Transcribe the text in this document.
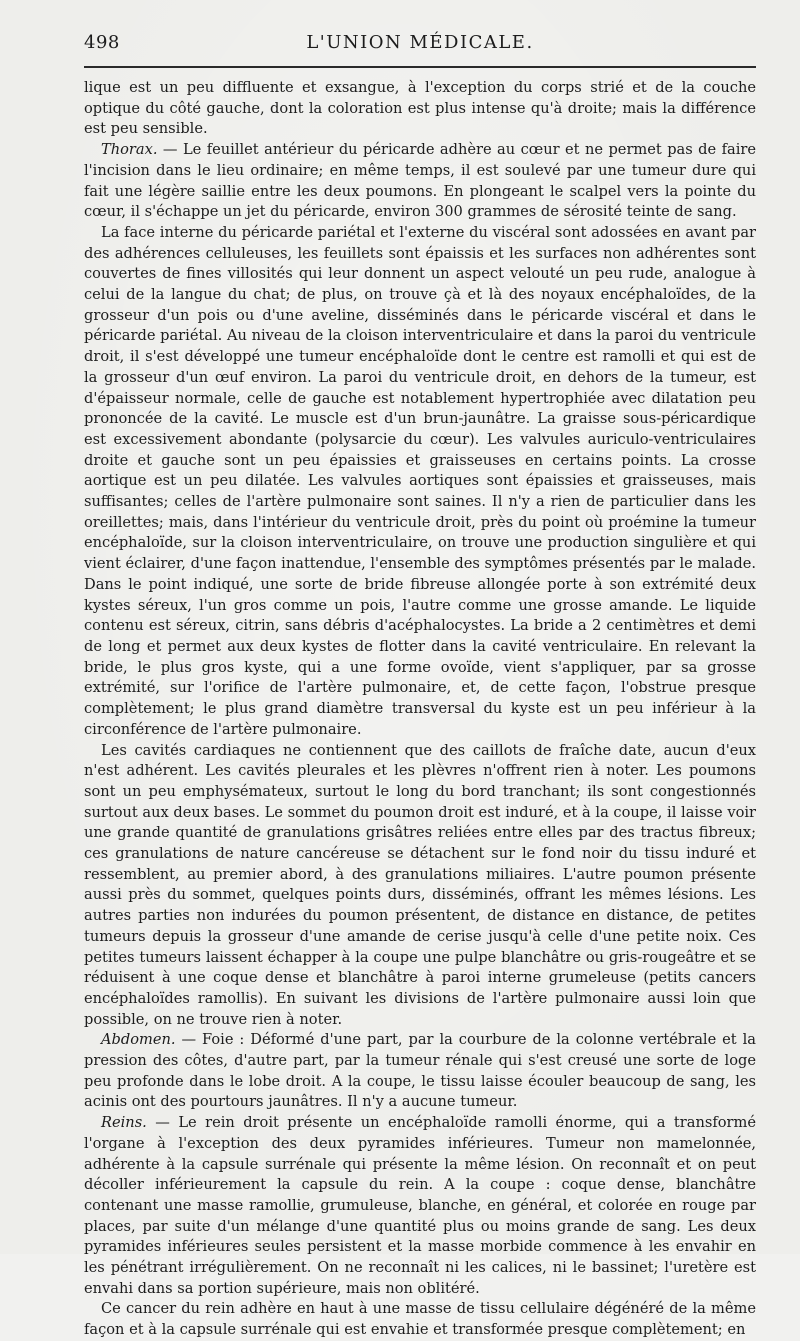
498	L'UNION MÉDICALE.

lique est un peu diffluente et exsangue, à l'exception du corps strié et de la couche optique du côté gauche, dont la coloration est plus intense qu'à droite; mais la différence est peu sensible.

Thorax. — Le feuillet antérieur du péricarde adhère au cœur et ne permet pas de faire l'incision dans le lieu ordinaire; en même temps, il est soulevé par une tumeur dure qui fait une légère saillie entre les deux poumons. En plongeant le scalpel vers la pointe du cœur, il s'échappe un jet du péricarde, environ 300 grammes de sérosité teinte de sang.

La face interne du péricarde pariétal et l'externe du viscéral sont adossées en avant par des adhérences celluleuses, les feuillets sont épaissis et les surfaces non adhérentes sont couvertes de fines villosités qui leur donnent un aspect velouté un peu rude, analogue à celui de la langue du chat; de plus, on trouve çà et là des noyaux encéphaloïdes, de la grosseur d'un pois ou d'une aveline, disséminés dans le péricarde viscéral et dans le péricarde pariétal. Au niveau de la cloison interventriculaire et dans la paroi du ventricule droit, il s'est développé une tumeur encéphaloïde dont le centre est ramolli et qui est de la grosseur d'un œuf environ. La paroi du ventricule droit, en dehors de la tumeur, est d'épaisseur normale, celle de gauche est notablement hypertrophiée avec dilatation peu prononcée de la cavité. Le muscle est d'un brun-jaunâtre. La graisse sous-péricardique est excessivement abondante (polysarcie du cœur). Les valvules auriculo-ventriculaires droite et gauche sont un peu épaissies et graisseuses en certains points. La crosse aortique est un peu dilatée. Les valvules aortiques sont épaissies et graisseuses, mais suffisantes; celles de l'artère pulmonaire sont saines. Il n'y a rien de particulier dans les oreillettes; mais, dans l'intérieur du ventricule droit, près du point où proémine la tumeur encéphaloïde, sur la cloison interventriculaire, on trouve une production singulière et qui vient éclairer, d'une façon inattendue, l'ensemble des symptômes présentés par le malade. Dans le point indiqué, une sorte de bride fibreuse allongée porte à son extrémité deux kystes séreux, l'un gros comme un pois, l'autre comme une grosse amande. Le liquide contenu est séreux, citrin, sans débris d'acéphalocystes. La bride a 2 centimètres et demi de long et permet aux deux kystes de flotter dans la cavité ventriculaire. En relevant la bride, le plus gros kyste, qui a une forme ovoïde, vient s'appliquer, par sa grosse extrémité, sur l'orifice de l'artère pulmonaire, et, de cette façon, l'obstrue presque complètement; le plus grand diamètre transversal du kyste est un peu inférieur à la circonférence de l'artère pulmonaire.

Les cavités cardiaques ne contiennent que des caillots de fraîche date, aucun d'eux n'est adhérent. Les cavités pleurales et les plèvres n'offrent rien à noter. Les poumons sont un peu emphysémateux, surtout le long du bord tranchant; ils sont congestionnés surtout aux deux bases. Le sommet du poumon droit est induré, et à la coupe, il laisse voir une grande quantité de granulations grisâtres reliées entre elles par des tractus fibreux; ces granulations de nature cancéreuse se détachent sur le fond noir du tissu induré et ressemblent, au premier abord, à des granulations miliaires. L'autre poumon présente aussi près du sommet, quelques points durs, disséminés, offrant les mêmes lésions. Les autres parties non indurées du poumon présentent, de distance en distance, de petites tumeurs depuis la grosseur d'une amande de cerise jusqu'à celle d'une petite noix. Ces petites tumeurs laissent échapper à la coupe une pulpe blanchâtre ou gris-rougeâtre et se réduisent à une coque dense et blanchâtre à paroi interne grumeleuse (petits cancers encéphaloïdes ramollis). En suivant les divisions de l'artère pulmonaire aussi loin que possible, on ne trouve rien à noter.

Abdomen. — Foie : Déformé d'une part, par la courbure de la colonne vertébrale et la pression des côtes, d'autre part, par la tumeur rénale qui s'est creusé une sorte de loge peu profonde dans le lobe droit. A la coupe, le tissu laisse écouler beaucoup de sang, les acinis ont des pourtours jaunâtres. Il n'y a aucune tumeur.

Reins. — Le rein droit présente un encéphaloïde ramolli énorme, qui a transformé l'organe à l'exception des deux pyramides inférieures. Tumeur non mamelonnée, adhérente à la capsule surrénale qui présente la même lésion. On reconnaît et on peut décoller inférieurement la capsule du rein. A la coupe : coque dense, blanchâtre contenant une masse ramollie, grumuleuse, blanche, en général, et colorée en rouge par places, par suite d'un mélange d'une quantité plus ou moins grande de sang. Les deux pyramides inférieures seules persistent et la masse morbide commence à les envahir en les pénétrant irrégulièrement. On ne reconnaît ni les calices, ni le bassinet; l'uretère est envahi dans sa portion supérieure, mais non oblitéré.

Ce cancer du rein adhère en haut à une masse de tissu cellulaire dégénéré de la même façon et à la capsule surrénale qui est envahie et transformée presque complètement; en
